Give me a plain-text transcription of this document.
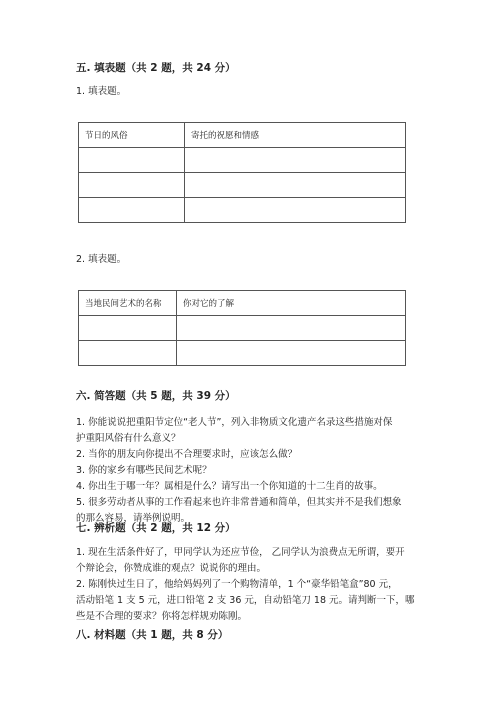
五. 填表题（共 2 题，共 24 分）
1. 填表题。
节日的风俗	寄托的祝愿和情感

2. 填表题。
当地民间艺术的名称	你对它的了解

六. 简答题（共 5 题，共 39 分）
1. 你能说说把重阳节定位“老人节”，列入非物质文化遗产名录这些措施对保
护重阳风俗有什么意义？
2. 当你的朋友向你提出不合理要求时，应该怎么做？
3. 你的家乡有哪些民间艺术呢？
4. 你出生于哪一年？属相是什么？请写出一个你知道的十二生肖的故事。
5. 很多劳动者从事的工作看起来也许非常普通和简单，但其实并不是我们想象
的那么容易，请举例说明。
七. 辨析题（共 2 题，共 12 分）
1. 现在生活条件好了，甲同学认为还应节俭， 乙同学认为浪费点无所谓，要开
个辩论会，你赞成谁的观点？说说你的理由。
2. 陈刚快过生日了，他给妈妈列了一个购物清单，1 个“豪华铅笔盒”80 元，
活动铅笔 1 支 5 元，进口铅笔 2 支 36 元，自动铅笔刀 18 元。请判断一下，哪
些是不合理的要求？你将怎样规劝陈刚。
八. 材料题（共 1 题，共 8 分）
